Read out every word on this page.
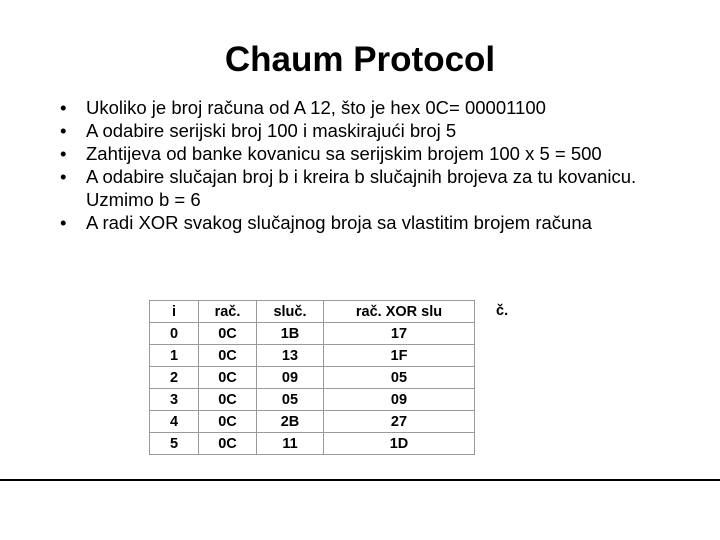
Chaum Protocol
• Ukoliko je broj računa od A 12, što je hex 0C= 00001100
• A odabire serijski broj 100 i maskirajući broj 5
• Zahtijeva od banke kovanicu sa serijskim brojem 100 x 5 = 500
• A odabire slučajan broj b i kreira b slučajnih brojeva za tu kovanicu. Uzmimo b = 6
• A radi XOR svakog slučajnog broja sa vlastitim brojem računa
i	rač.	sluč.	rač. XOR slu
0	0C	1B	17
1	0C	13	1F
2	0C	09	05
3	0C	05	09
4	0C	2B	27
5	0C	11	1D
č.
